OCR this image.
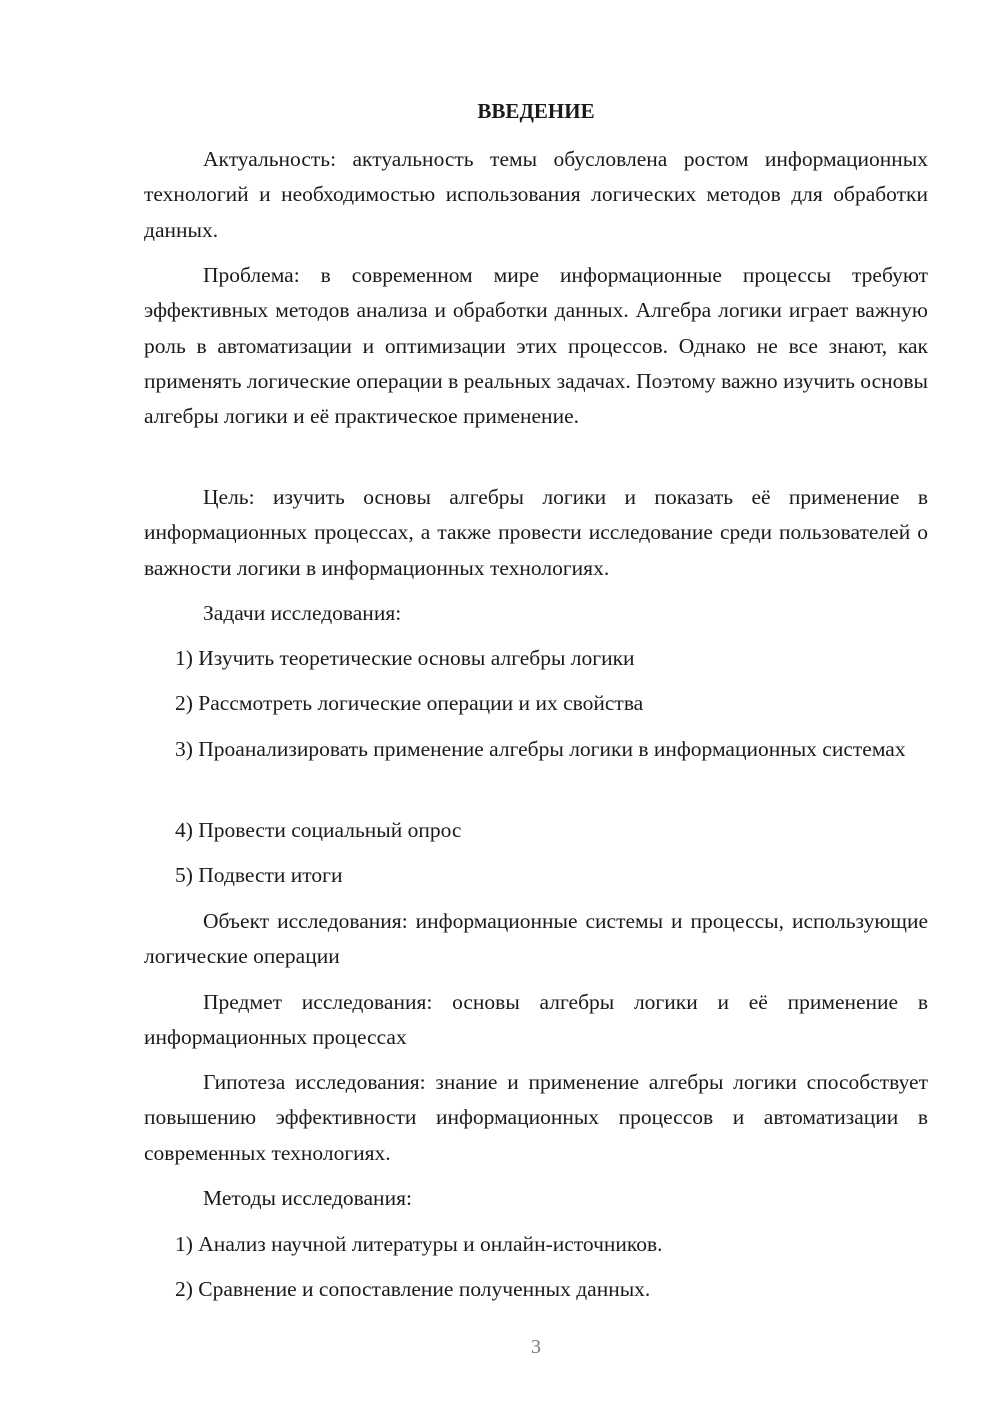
ВВЕДЕНИЕ

Актуальность: актуальность темы обусловлена ростом информационных технологий и необходимостью использования логических методов для обработки данных.

Проблема: в современном мире информационные процессы требуют эффективных методов анализа и обработки данных. Алгебра логики играет важную роль в автоматизации и оптимизации этих процессов. Однако не все знают, как применять логические операции в реальных задачах. Поэтому важно изучить основы алгебры логики и её практическое применение.

Цель: изучить основы алгебры логики и показать её применение в информационных процессах, а также провести исследование среди пользователей о важности логики в информационных технологиях.

Задачи исследования:

1) Изучить теоретические основы алгебры логики

2) Рассмотреть логические операции и их свойства

3) Проанализировать применение алгебры логики в информационных системах

4) Провести социальный опрос

5) Подвести итоги

Объект исследования: информационные системы и процессы, использующие логические операции

Предмет исследования: основы алгебры логики и её применение в информационных процессах

Гипотеза исследования: знание и применение алгебры логики способствует повышению эффективности информационных процессов и автоматизации в современных технологиях.

Методы исследования:

1) Анализ научной литературы и онлайн-источников.

2) Сравнение и сопоставление полученных данных.

3
